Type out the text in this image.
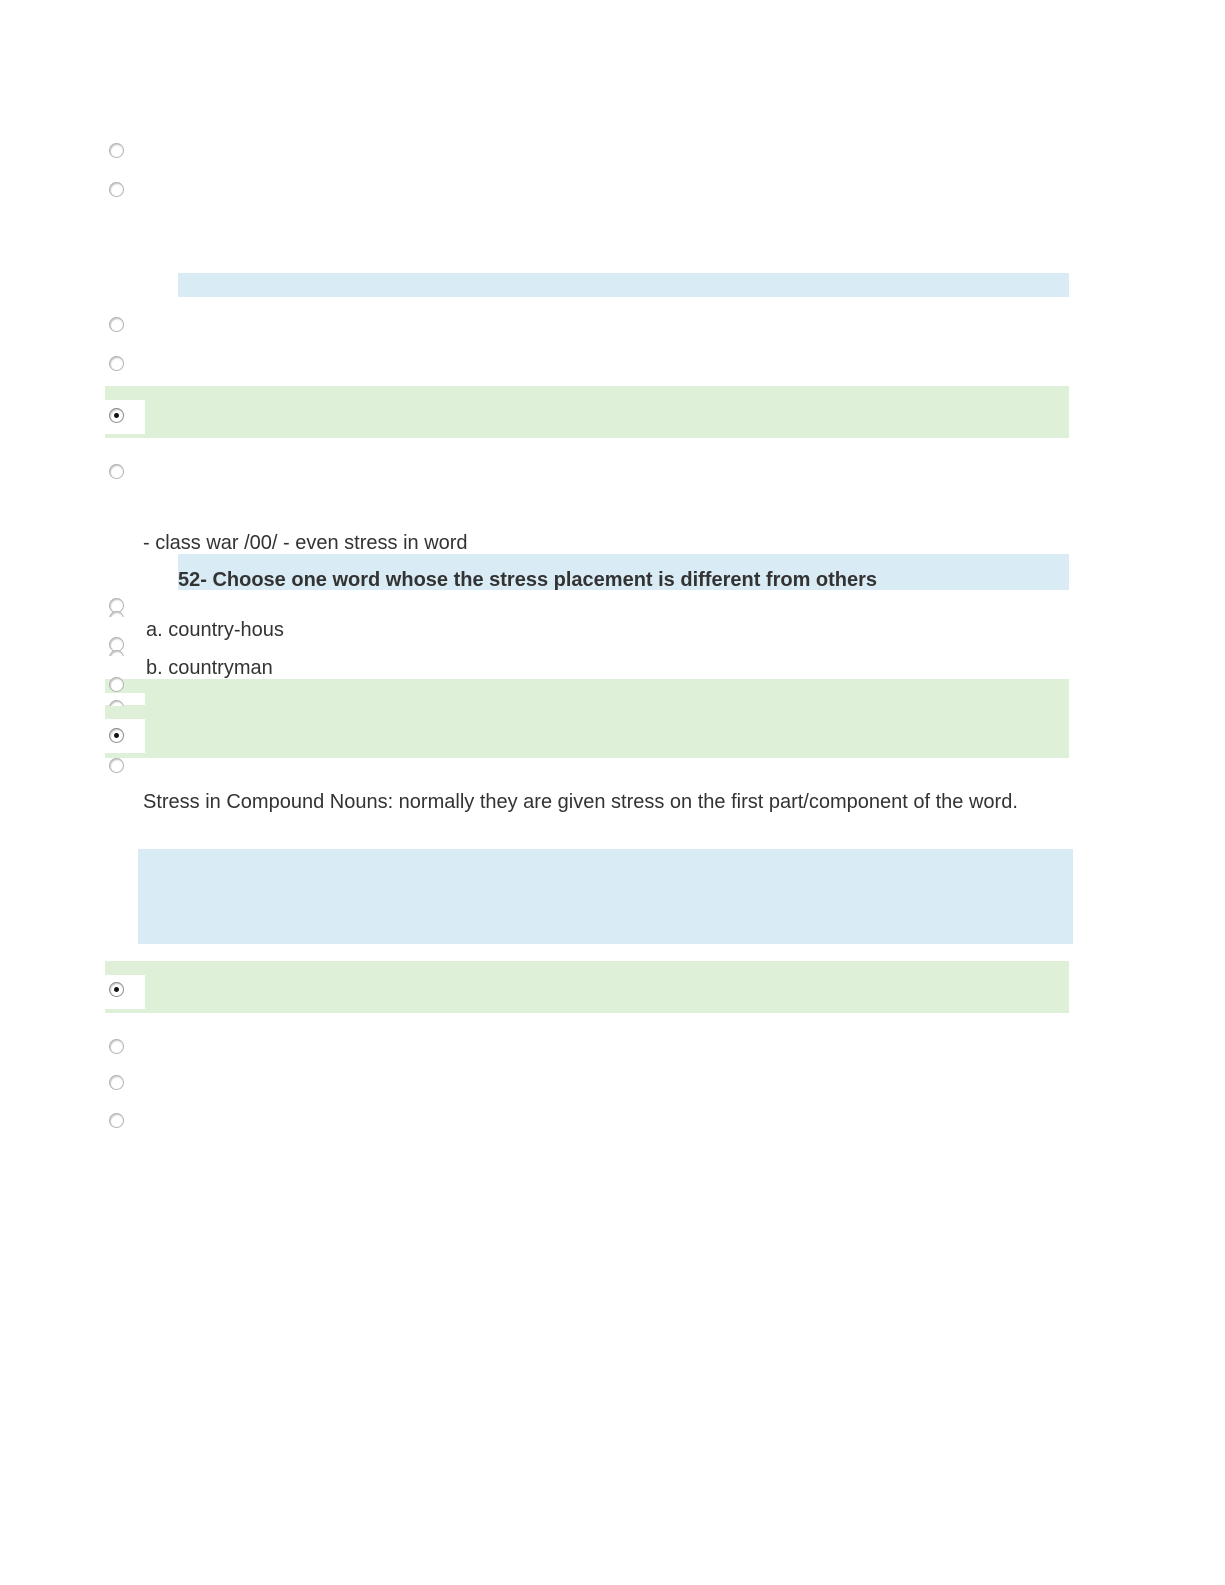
- class war /00/ - even stress in word
52- Choose one word whose the stress placement is different from others
a. country-hous
b. countryman
Stress in Compound Nouns: normally they are given stress on the first part/component of the word.
